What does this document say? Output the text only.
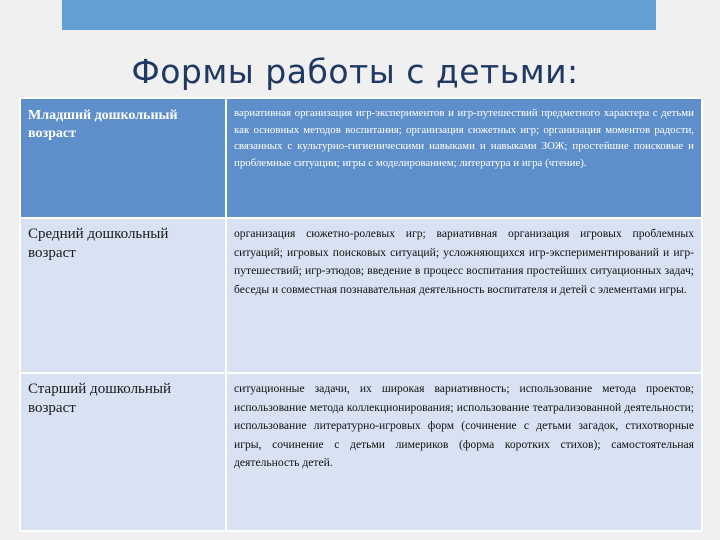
Формы работы с детьми:
Младший дошкольный возраст
вариативная организация игр-экспериментов и игр-путешествий предметного характера с детьми как основных методов воспитания; организация сюжетных игр; организация моментов радости, связанных с культурно-гигиеническими навыками и навыками ЗОЖ; простейшие поисковые и проблемные ситуации; игры с моделированием; литература и игра (чтение).
Средний дошкольный возраст
организация сюжетно-ролевых игр; вариативная организация игровых проблемных ситуаций; игровых поисковых ситуаций; усложняющихся игр-экспериментирований и игр-путешествий; игр-этюдов; введение в процесс воспитания простейших ситуационных задач; беседы и совместная познавательная деятельность воспитателя и детей с элементами игры.
Старший дошкольный возраст
ситуационные задачи, их широкая вариативность; использование метода проектов; использование метода коллекционирования; использование театрализованной деятельности; использование литературно-игровых форм (сочинение с детьми загадок, стихотворные игры, сочинение с детьми лимериков (форма коротких стихов); самостоятельная деятельность детей.
